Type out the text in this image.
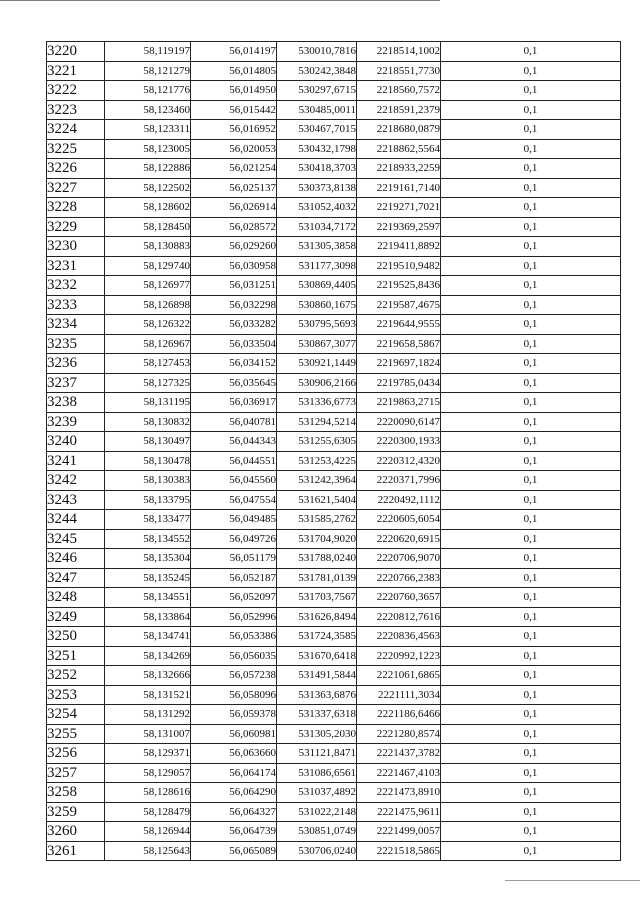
3220	58,119197	56,014197	530010,7816	2218514,1002	0,1
3221	58,121279	56,014805	530242,3848	2218551,7730	0,1
3222	58,121776	56,014950	530297,6715	2218560,7572	0,1
3223	58,123460	56,015442	530485,0011	2218591,2379	0,1
3224	58,123311	56,016952	530467,7015	2218680,0879	0,1
3225	58,123005	56,020053	530432,1798	2218862,5564	0,1
3226	58,122886	56,021254	530418,3703	2218933,2259	0,1
3227	58,122502	56,025137	530373,8138	2219161,7140	0,1
3228	58,128602	56,026914	531052,4032	2219271,7021	0,1
3229	58,128450	56,028572	531034,7172	2219369,2597	0,1
3230	58,130883	56,029260	531305,3858	2219411,8892	0,1
3231	58,129740	56,030958	531177,3098	2219510,9482	0,1
3232	58,126977	56,031251	530869,4405	2219525,8436	0,1
3233	58,126898	56,032298	530860,1675	2219587,4675	0,1
3234	58,126322	56,033282	530795,5693	2219644,9555	0,1
3235	58,126967	56,033504	530867,3077	2219658,5867	0,1
3236	58,127453	56,034152	530921,1449	2219697,1824	0,1
3237	58,127325	56,035645	530906,2166	2219785,0434	0,1
3238	58,131195	56,036917	531336,6773	2219863,2715	0,1
3239	58,130832	56,040781	531294,5214	2220090,6147	0,1
3240	58,130497	56,044343	531255,6305	2220300,1933	0,1
3241	58,130478	56,044551	531253,4225	2220312,4320	0,1
3242	58,130383	56,045560	531242,3964	2220371,7996	0,1
3243	58,133795	56,047554	531621,5404	2220492,1112	0,1
3244	58,133477	56,049485	531585,2762	2220605,6054	0,1
3245	58,134552	56,049726	531704,9020	2220620,6915	0,1
3246	58,135304	56,051179	531788,0240	2220706,9070	0,1
3247	58,135245	56,052187	531781,0139	2220766,2383	0,1
3248	58,134551	56,052097	531703,7567	2220760,3657	0,1
3249	58,133864	56,052996	531626,8494	2220812,7616	0,1
3250	58,134741	56,053386	531724,3585	2220836,4563	0,1
3251	58,134269	56,056035	531670,6418	2220992,1223	0,1
3252	58,132666	56,057238	531491,5844	2221061,6865	0,1
3253	58,131521	56,058096	531363,6876	2221111,3034	0,1
3254	58,131292	56,059378	531337,6318	2221186,6466	0,1
3255	58,131007	56,060981	531305,2030	2221280,8574	0,1
3256	58,129371	56,063660	531121,8471	2221437,3782	0,1
3257	58,129057	56,064174	531086,6561	2221467,4103	0,1
3258	58,128616	56,064290	531037,4892	2221473,8910	0,1
3259	58,128479	56,064327	531022,2148	2221475,9611	0,1
3260	58,126944	56,064739	530851,0749	2221499,0057	0,1
3261	58,125643	56,065089	530706,0240	2221518,5865	0,1
